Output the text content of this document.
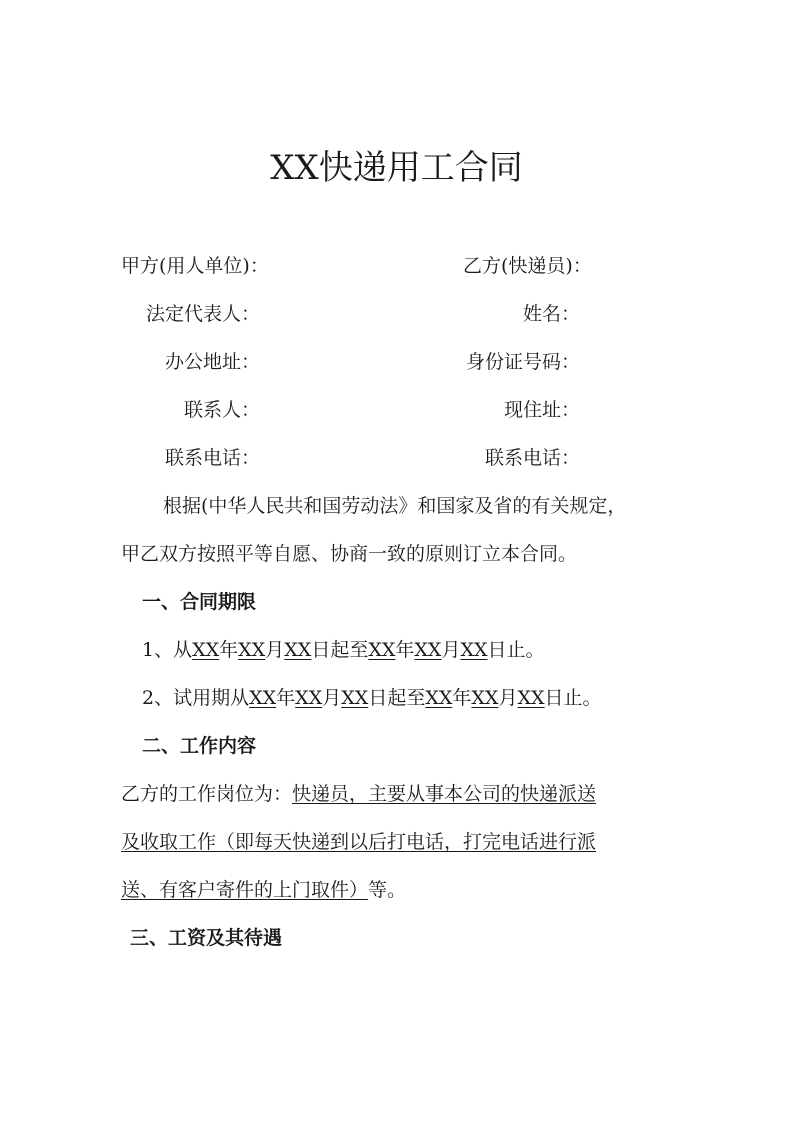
XX快递用工合同
甲方(用人单位)：	乙方(快递员)：
法定代表人：	姓名：
办公地址：	身份证号码：
联系人：	现住址：
联系电话：	联系电话：
根据(中华人民共和国劳动法》和国家及省的有关规定，
甲乙双方按照平等自愿、协商一致的原则订立本合同。
一、合同期限
1、从XX年XX月XX日起至XX年XX月XX日止。
2、试用期从XX年XX月XX日起至XX年XX月XX日止。
二、工作内容
乙方的工作岗位为：快递员，主要从事本公司的快递派送
及收取工作（即每天快递到以后打电话，打完电话进行派
送、有客户寄件的上门取件）等。
三、工资及其待遇
